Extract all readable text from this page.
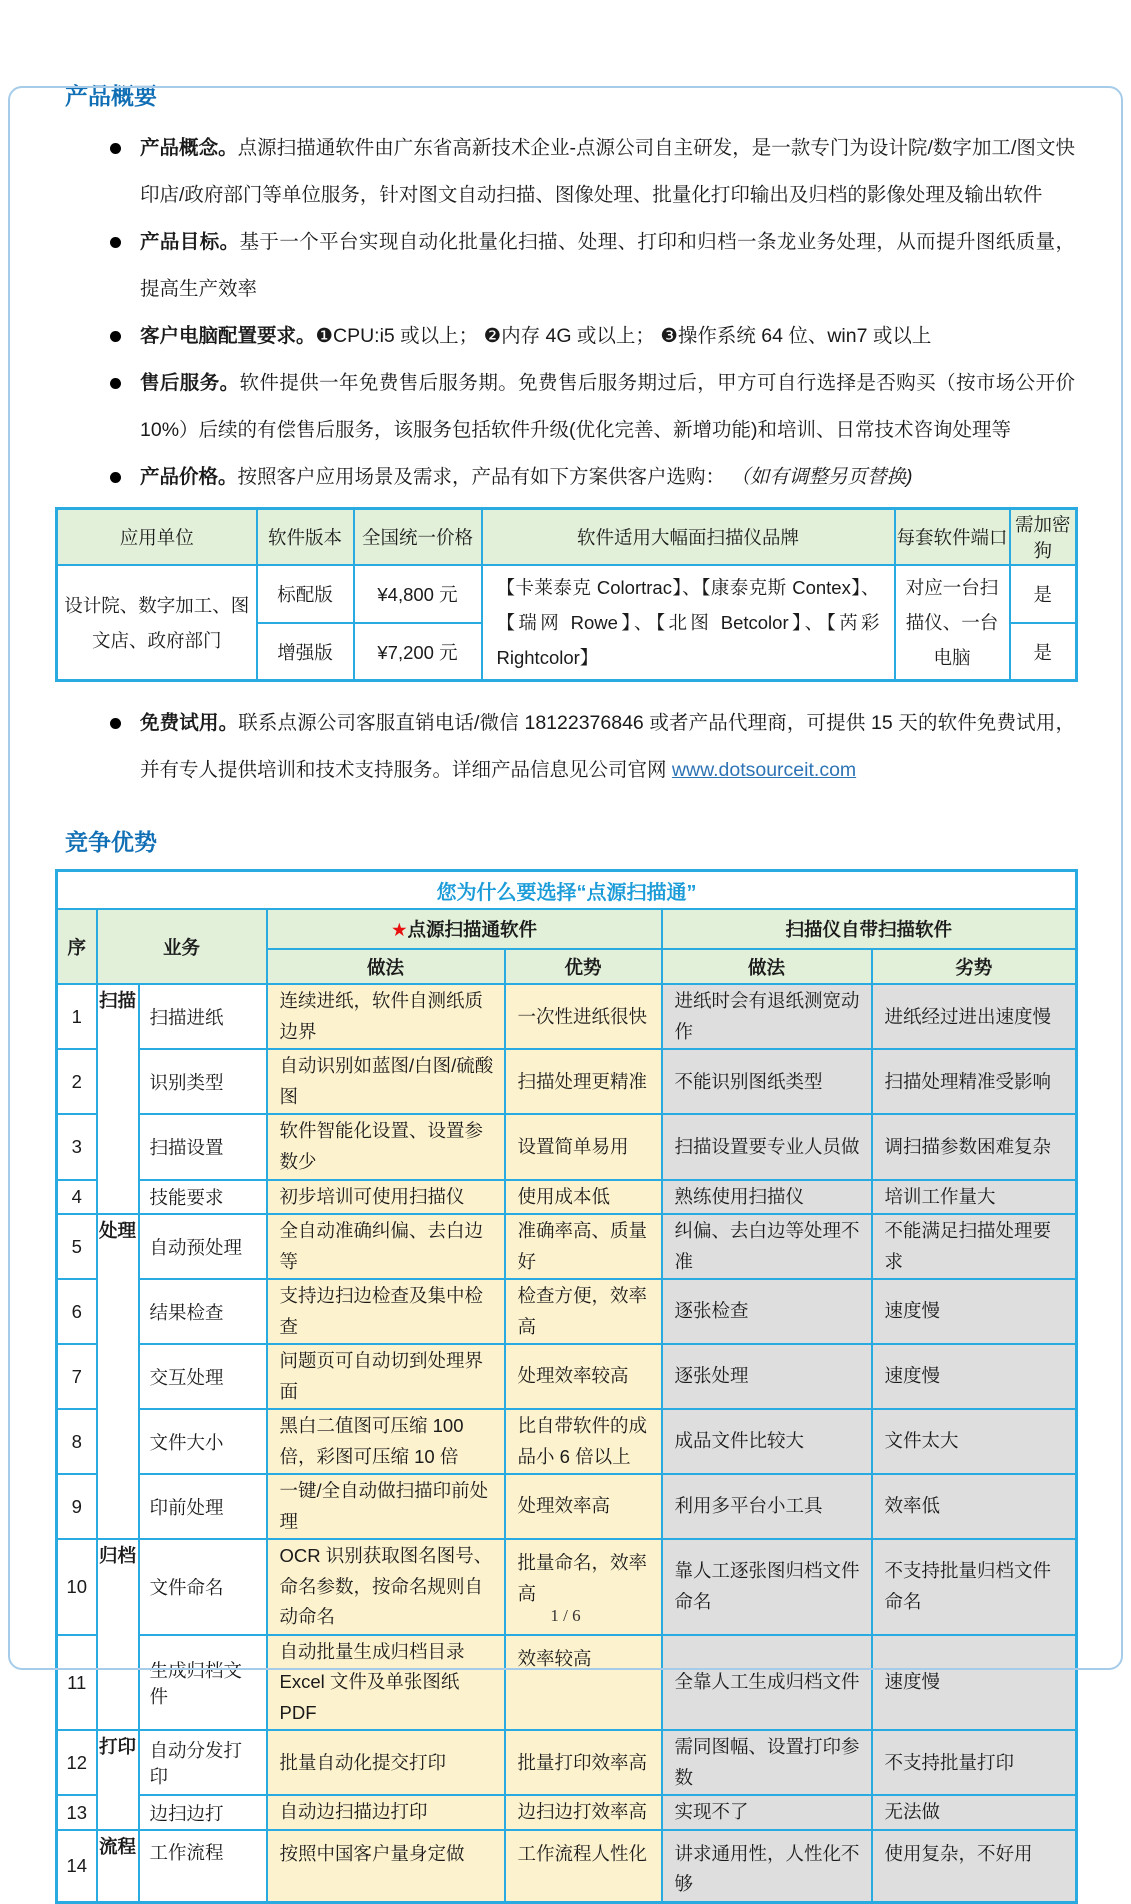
产品概要
产品概念。点源扫描通软件由广东省高新技术企业-点源公司自主研发，是一款专门为设计院/数字加工/图文快印店/政府部门等单位服务，针对图文自动扫描、图像处理、批量化打印输出及归档的影像处理及输出软件
产品目标。基于一个平台实现自动化批量化扫描、处理、打印和归档一条龙业务处理，从而提升图纸质量，提高生产效率
客户电脑配置要求。❶CPU:i5 或以上； ❷内存 4G 或以上； ❸操作系统 64 位、win7 或以上
售后服务。软件提供一年免费售后服务期。免费售后服务期过后，甲方可自行选择是否购买（按市场公开价 10%）后续的有偿售后服务，该服务包括软件升级(优化完善、新增功能)和培训、日常技术咨询处理等
产品价格。按照客户应用场景及需求，产品有如下方案供客户选购： （如有调整另页替换)
应用单位	软件版本	全国统一价格	软件适用大幅面扫描仪品牌	每套软件端口	需加密狗
设计院、数字加工、图文店、政府部门	标配版	¥4,800 元	【卡莱泰克 Colortrac】、【康泰克斯 Contex】、【瑞网 Rowe】、【北图 Betcolor】、【芮彩 Rightcolor】	对应一台扫描仪、一台电脑	是
	增强版	¥7,200 元			是
免费试用。联系点源公司客服直销电话/微信 18122376846 或者产品代理商，可提供 15 天的软件免费试用，并有专人提供培训和技术支持服务。详细产品信息见公司官网 www.dotsourceit.com
竞争优势
您为什么要选择“点源扫描通”						
序	业务		★点源扫描通软件		扫描仪自带扫描软件	
			做法	优势	做法	劣势
1	扫描	扫描进纸	连续进纸，软件自测纸质边界	一次性进纸很快	进纸时会有退纸测宽动作	进纸经过进出速度慢
2		识别类型	自动识别如蓝图/白图/硫酸图	扫描处理更精准	不能识别图纸类型	扫描处理精准受影响
3		扫描设置	软件智能化设置、设置参数少	设置简单易用	扫描设置要专业人员做	调扫描参数困难复杂
4		技能要求	初步培训可使用扫描仪	使用成本低	熟练使用扫描仪	培训工作量大
5	处理	自动预处理	全自动准确纠偏、去白边等	准确率高、质量好	纠偏、去白边等处理不准	不能满足扫描处理要求
6		结果检查	支持边扫边检查及集中检查	检查方便，效率高	逐张检查	速度慢
7		交互处理	问题页可自动切到处理界面	处理效率较高	逐张处理	速度慢
8		文件大小	黑白二值图可压缩 100 倍，彩图可压缩 10 倍	比自带软件的成品小 6 倍以上	成品文件比较大	文件太大
9		印前处理	一键/全自动做扫描印前处理	处理效率高	利用多平台小工具	效率低
10	归档	文件命名	OCR 识别获取图名图号、命名参数，按命名规则自动命名	批量命名，效率高	靠人工逐张图归档文件命名	不支持批量归档文件命名
11		生成归档文件	自动批量生成归档目录 Excel 文件及单张图纸 PDF	效率较高	全靠人工生成归档文件	速度慢
12	打印	自动分发打印	批量自动化提交打印	批量打印效率高	需同图幅、设置打印参数	不支持批量打印
13		边扫边打	自动边扫描边打印	边扫边打效率高	实现不了	无法做
14	流程	工作流程	按照中国客户量身定做	工作流程人性化	讲求通用性，人性化不够	使用复杂，不好用
1 / 6
